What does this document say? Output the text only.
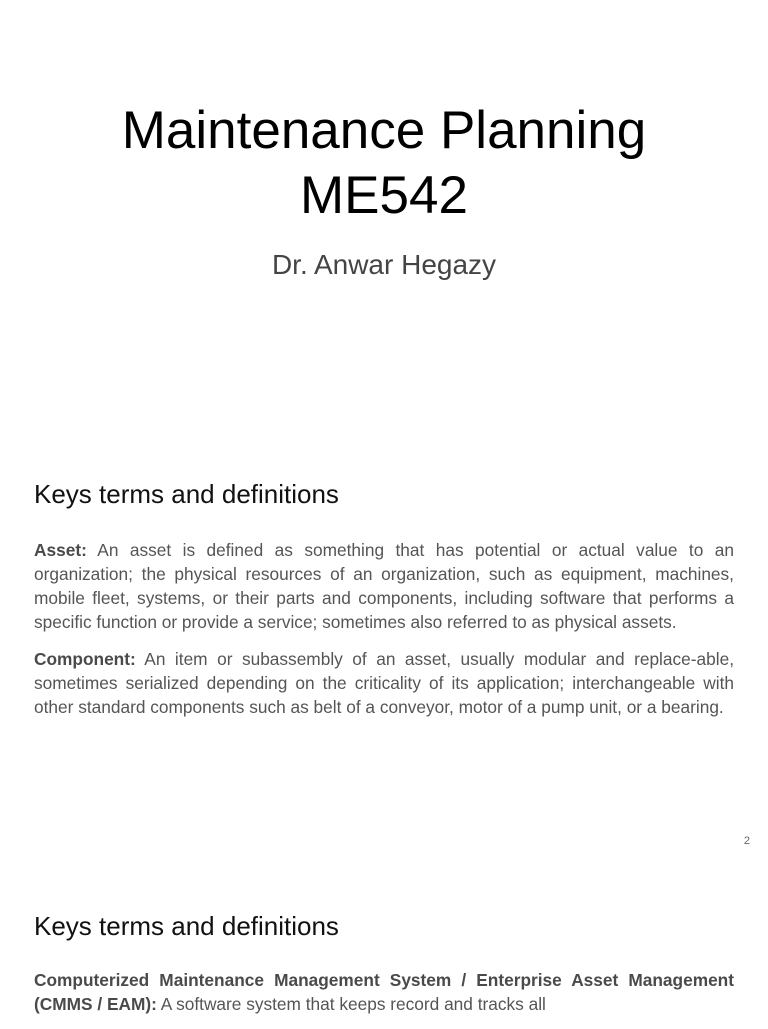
Maintenance Planning
ME542
Dr. Anwar Hegazy
Keys terms and definitions

Asset: An asset is defined as something that has potential or actual value to an organization; the physical resources of an organization, such as equipment, machines, mobile fleet, systems, or their parts and components, including software that performs a specific function or provide a service; sometimes also referred to as physical assets.

Component: An item or subassembly of an asset, usually modular and replace-able, sometimes serialized depending on the criticality of its application; interchangeable with other standard components such as belt of a conveyor, motor of a pump unit, or a bearing.

2
Keys terms and definitions

Computerized Maintenance Management System / Enterprise Asset Management (CMMS / EAM): A software system that keeps record and tracks all
